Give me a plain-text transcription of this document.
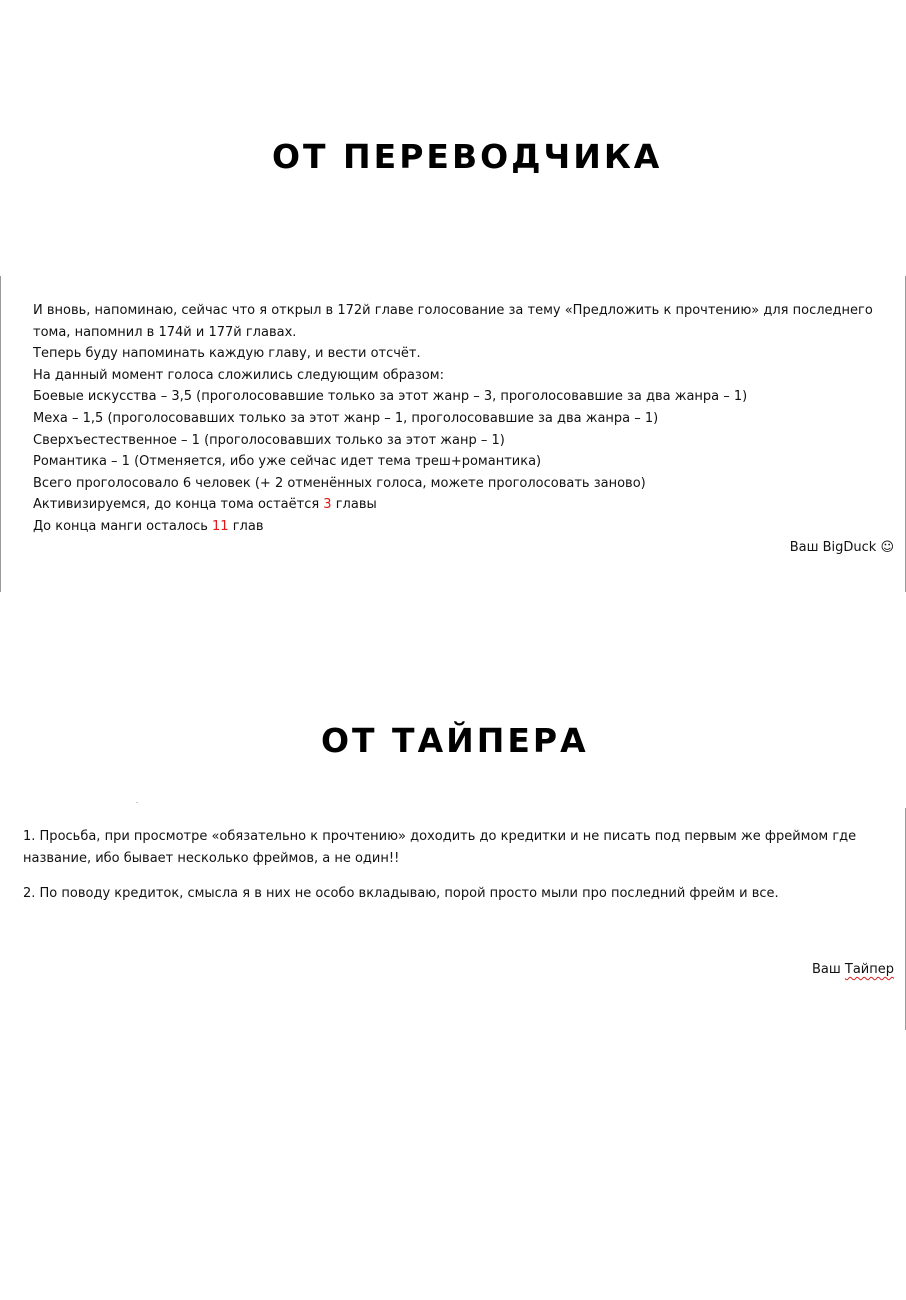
ОТ ПЕРЕВОДЧИКА

И вновь, напоминаю, сейчас что я открыл в 172й главе голосование за тему «Предложить к прочтению» для последнего

тома, напомнил в 174й и 177й главах.

Теперь буду напоминать каждую главу, и вести отсчёт.

На данный момент голоса сложились следующим образом:

Боевые искусства – 3,5 (проголосовавшие только за этот жанр – 3, проголосовавшие за два жанра – 1)

Меха – 1,5 (проголосовавших только за этот жанр – 1, проголосовавшие за два жанра – 1)

Сверхъестественное – 1 (проголосовавших только за этот жанр – 1)

Романтика – 1 (Отменяется, ибо уже сейчас идет тема треш+романтика)

Всего проголосовало 6 человек (+ 2 отменённых голоса, можете проголосовать заново)

Активизируемся, до конца тома остаётся 3 главы

До конца манги осталось 11 глав

Ваш BigDuck ☺
ОТ ТАЙПЕРА

1. Просьба, при просмотре «обязательно к прочтению» доходить до кредитки и не писать под первым же фреймом где название, ибо бывает несколько фреймов, а не один!!

2. По поводу кредиток, смысла я в них не особо вкладываю, порой просто мыли про последний фрейм и все.

Ваш Тайпер
